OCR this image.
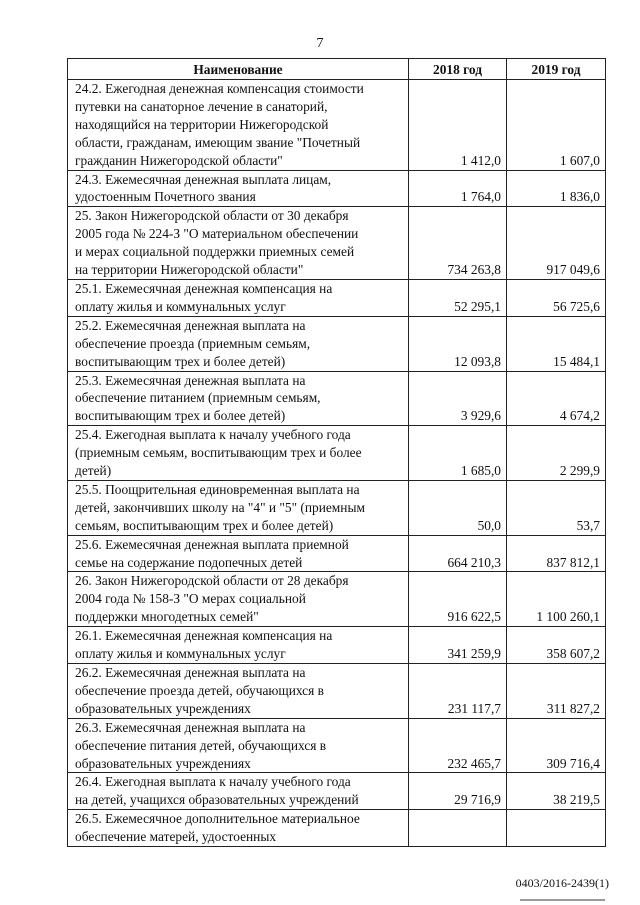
7
Наименование	2018 год	2019 год

24.2. Ежегодная денежная компенсация стоимости
путевки на санаторное лечение в санаторий,
находящийся на территории Нижегородской
области, гражданам, имеющим звание "Почетный
гражданин Нижегородской области"	1 412,0	1 607,0

24.3. Ежемесячная денежная выплата лицам,
удостоенным Почетного звания	1 764,0	1 836,0

25. Закон Нижегородской области от 30 декабря
2005 года № 224-З "О материальном обеспечении
и мерах социальной поддержки приемных семей
на территории Нижегородской области"	734 263,8	917 049,6

25.1. Ежемесячная денежная компенсация на
оплату жилья и коммунальных услуг	52 295,1	56 725,6

25.2. Ежемесячная денежная выплата на
обеспечение проезда (приемным семьям,
воспитывающим трех и более детей)	12 093,8	15 484,1

25.3. Ежемесячная денежная выплата на
обеспечение питанием (приемным семьям,
воспитывающим трех и более детей)	3 929,6	4 674,2

25.4. Ежегодная выплата к началу учебного года
(приемным семьям, воспитывающим трех и более
детей)	1 685,0	2 299,9

25.5. Поощрительная единовременная выплата на
детей, закончивших школу на "4" и "5" (приемным
семьям, воспитывающим трех и более детей)	50,0	53,7

25.6. Ежемесячная денежная выплата приемной
семье на содержание подопечных детей	664 210,3	837 812,1

26. Закон Нижегородской области от 28 декабря
2004 года № 158-З "О мерах социальной
поддержки многодетных семей"	916 622,5	1 100 260,1

26.1. Ежемесячная денежная компенсация на
оплату жилья и коммунальных услуг	341 259,9	358 607,2

26.2. Ежемесячная денежная выплата на
обеспечение проезда детей, обучающихся в
образовательных учреждениях	231 117,7	311 827,2

26.3. Ежемесячная денежная выплата на
обеспечение питания детей, обучающихся в
образовательных учреждениях	232 465,7	309 716,4

26.4. Ежегодная выплата к началу учебного года
на детей, учащихся образовательных учреждений	29 716,9	38 219,5

26.5. Ежемесячное дополнительное материальное
обеспечение матерей, удостоенных		

0403/2016-2439(1)
